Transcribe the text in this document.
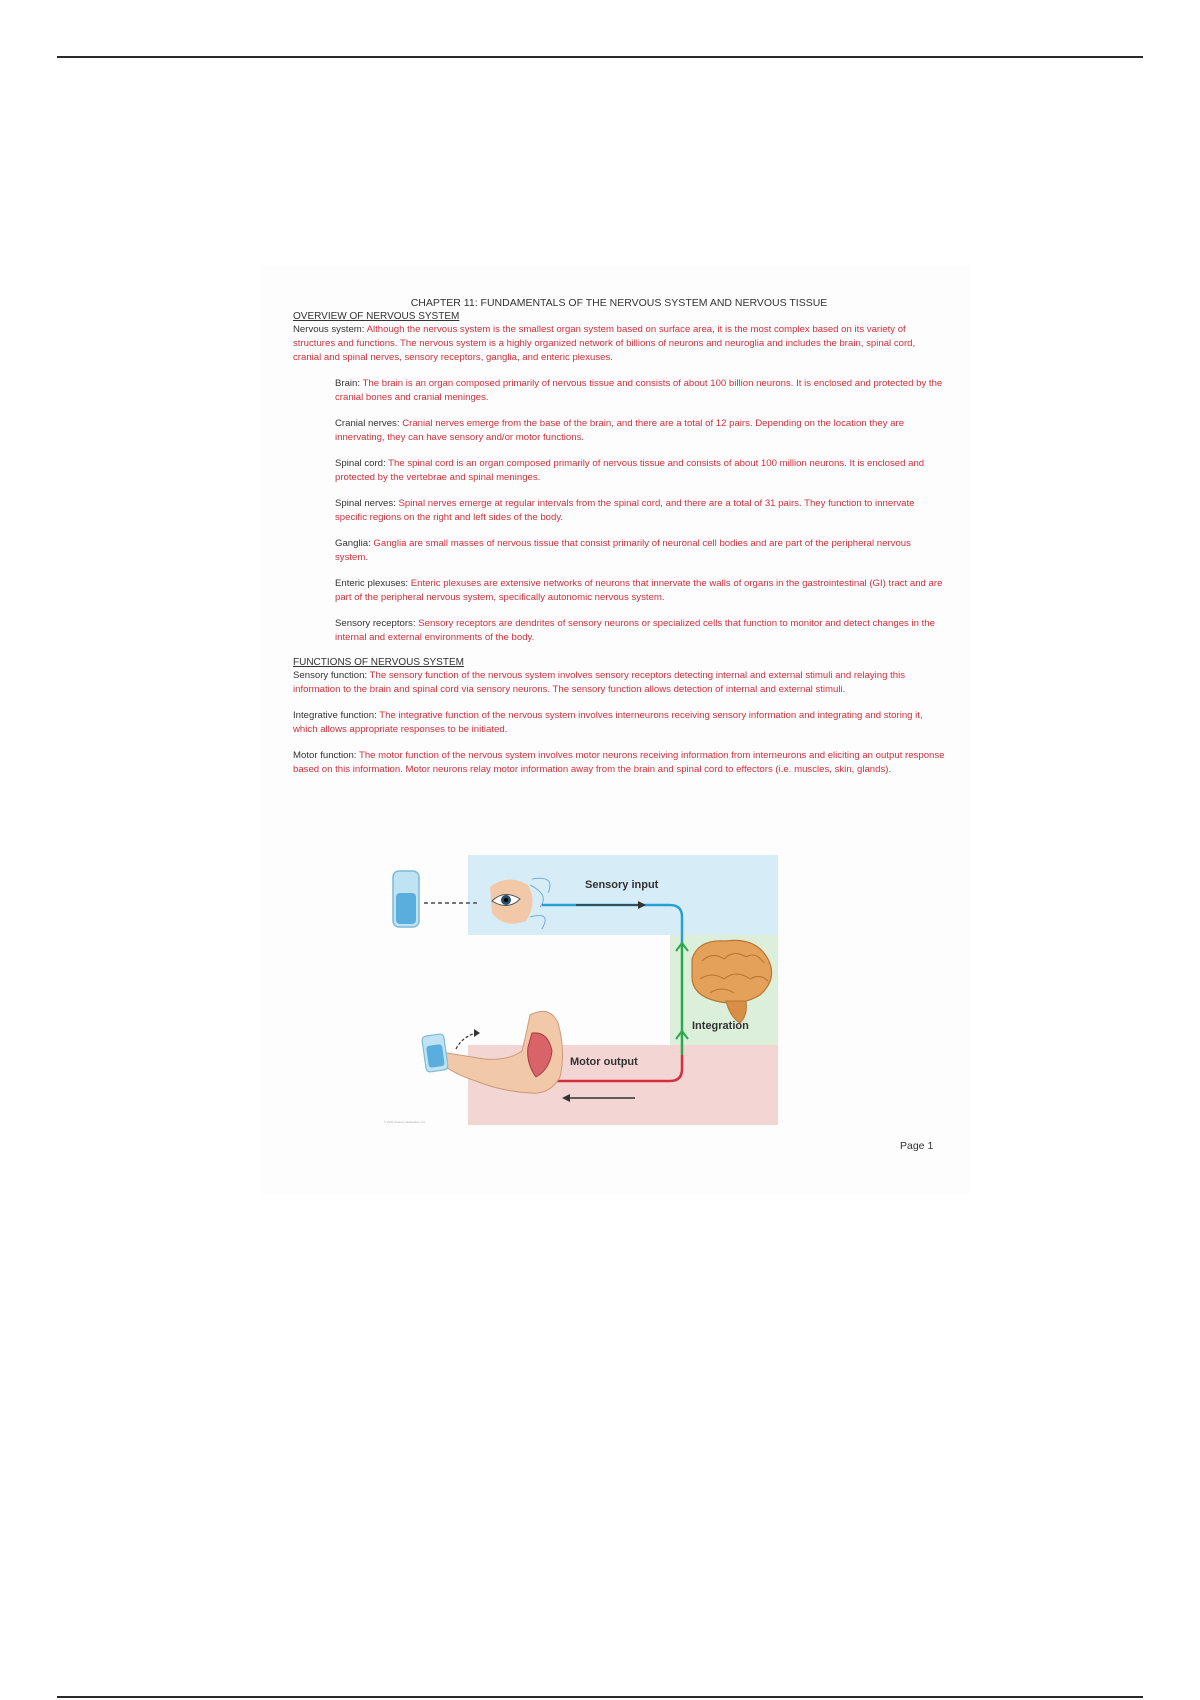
CHAPTER 11: FUNDAMENTALS OF THE NERVOUS SYSTEM AND NERVOUS TISSUE
OVERVIEW OF NERVOUS SYSTEM

Nervous system: Although the nervous system is the smallest organ system based on surface area, it is the most complex based on its variety of structures and functions. The nervous system is a highly organized network of billions of neurons and neuroglia and includes the brain, spinal cord, cranial and spinal nerves, sensory receptors, ganglia, and enteric plexuses.

Brain: The brain is an organ composed primarily of nervous tissue and consists of about 100 billion neurons. It is enclosed and protected by the cranial bones and cranial meninges.

Cranial nerves: Cranial nerves emerge from the base of the brain, and there are a total of 12 pairs. Depending on the location they are innervating, they can have sensory and/or motor functions.

Spinal cord: The spinal cord is an organ composed primarily of nervous tissue and consists of about 100 million neurons. It is enclosed and protected by the vertebrae and spinal meninges.

Spinal nerves: Spinal nerves emerge at regular intervals from the spinal cord, and there are a total of 31 pairs. They function to innervate specific regions on the right and left sides of the body.

Ganglia: Ganglia are small masses of nervous tissue that consist primarily of neuronal cell bodies and are part of the peripheral nervous system.

Enteric plexuses: Enteric plexuses are extensive networks of neurons that innervate the walls of organs in the gastrointestinal (GI) tract and are part of the peripheral nervous system, specifically autonomic nervous system.

Sensory receptors: Sensory receptors are dendrites of sensory neurons or specialized cells that function to monitor and detect changes in the internal and external environments of the body.

FUNCTIONS OF NERVOUS SYSTEM

Sensory function: The sensory function of the nervous system involves sensory receptors detecting internal and external stimuli and relaying this information to the brain and spinal cord via sensory neurons. The sensory function allows detection of internal and external stimuli.

Integrative function: The integrative function of the nervous system involves interneurons receiving sensory information and integrating and storing it, which allows appropriate responses to be initiated.

Motor function: The motor function of the nervous system involves motor neurons receiving information from interneurons and eliciting an output response based on this information. Motor neurons relay motor information away from the brain and spinal cord to effectors (i.e. muscles, skin, glands).

Sensory input
Integration
Motor output
© 2011 Pearson Education, Inc.
Page 1
